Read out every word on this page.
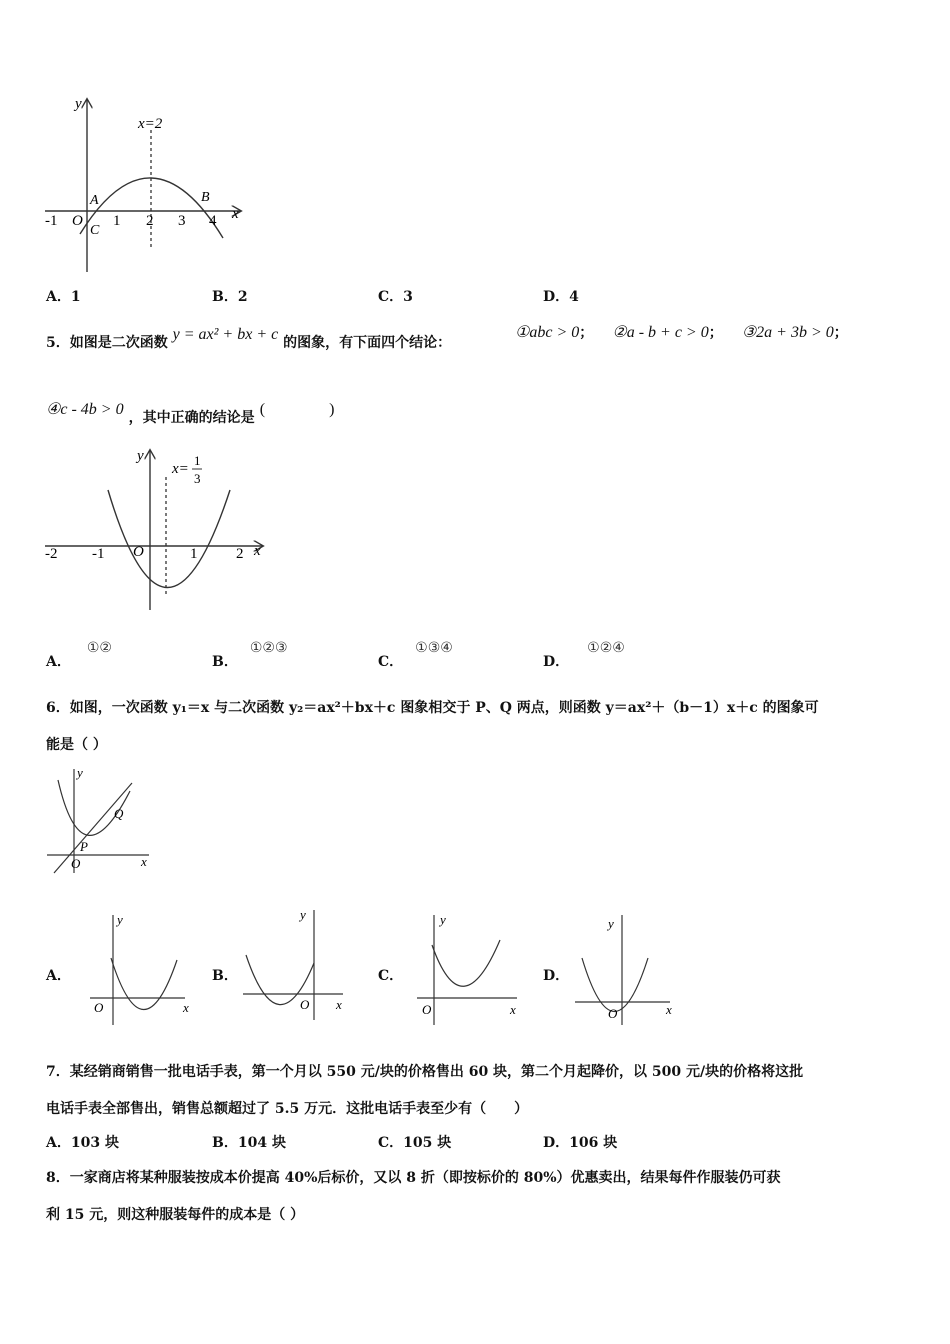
y
x
x=2
-1 O 1 2 3 4
A	B
C
A．1	B．2	C．3	D．4
5．如图是二次函数 y = ax² + bx + c 的图象，有下面四个结论：
①abc > 0； ②a - b + c > 0； ③2a + 3b > 0；
④c - 4b > 0 ，其中正确的结论是 (　　　　)
y
x
x=
1
3
-2 -1 O	1	2
A．①②
B．①②③
C．①③④
D．①②④
6．如图，一次函数 y₁＝x 与二次函数 y₂＝ax²＋bx＋c 图象相交于 P、Q 两点，则函数 y＝ax²＋（b－1）x＋c 的图象可
能是（ ）
y
x
O
P
Q
A．
y
x
O
B．
y
x
O
C．
y
x
O
D．
y
x
O
7．某经销商销售一批电话手表，第一个月以 550 元/块的价格售出 60 块，第二个月起降价，以 500 元/块的价格将这批
电话手表全部售出，销售总额超过了 5.5 万元．这批电话手表至少有（　　）
A．103 块	B．104 块	C．105 块	D．106 块
8．一家商店将某种服装按成本价提高 40%后标价，又以 8 折（即按标价的 80%）优惠卖出，结果每件作服装仍可获
利 15 元，则这种服装每件的成本是（ ）
